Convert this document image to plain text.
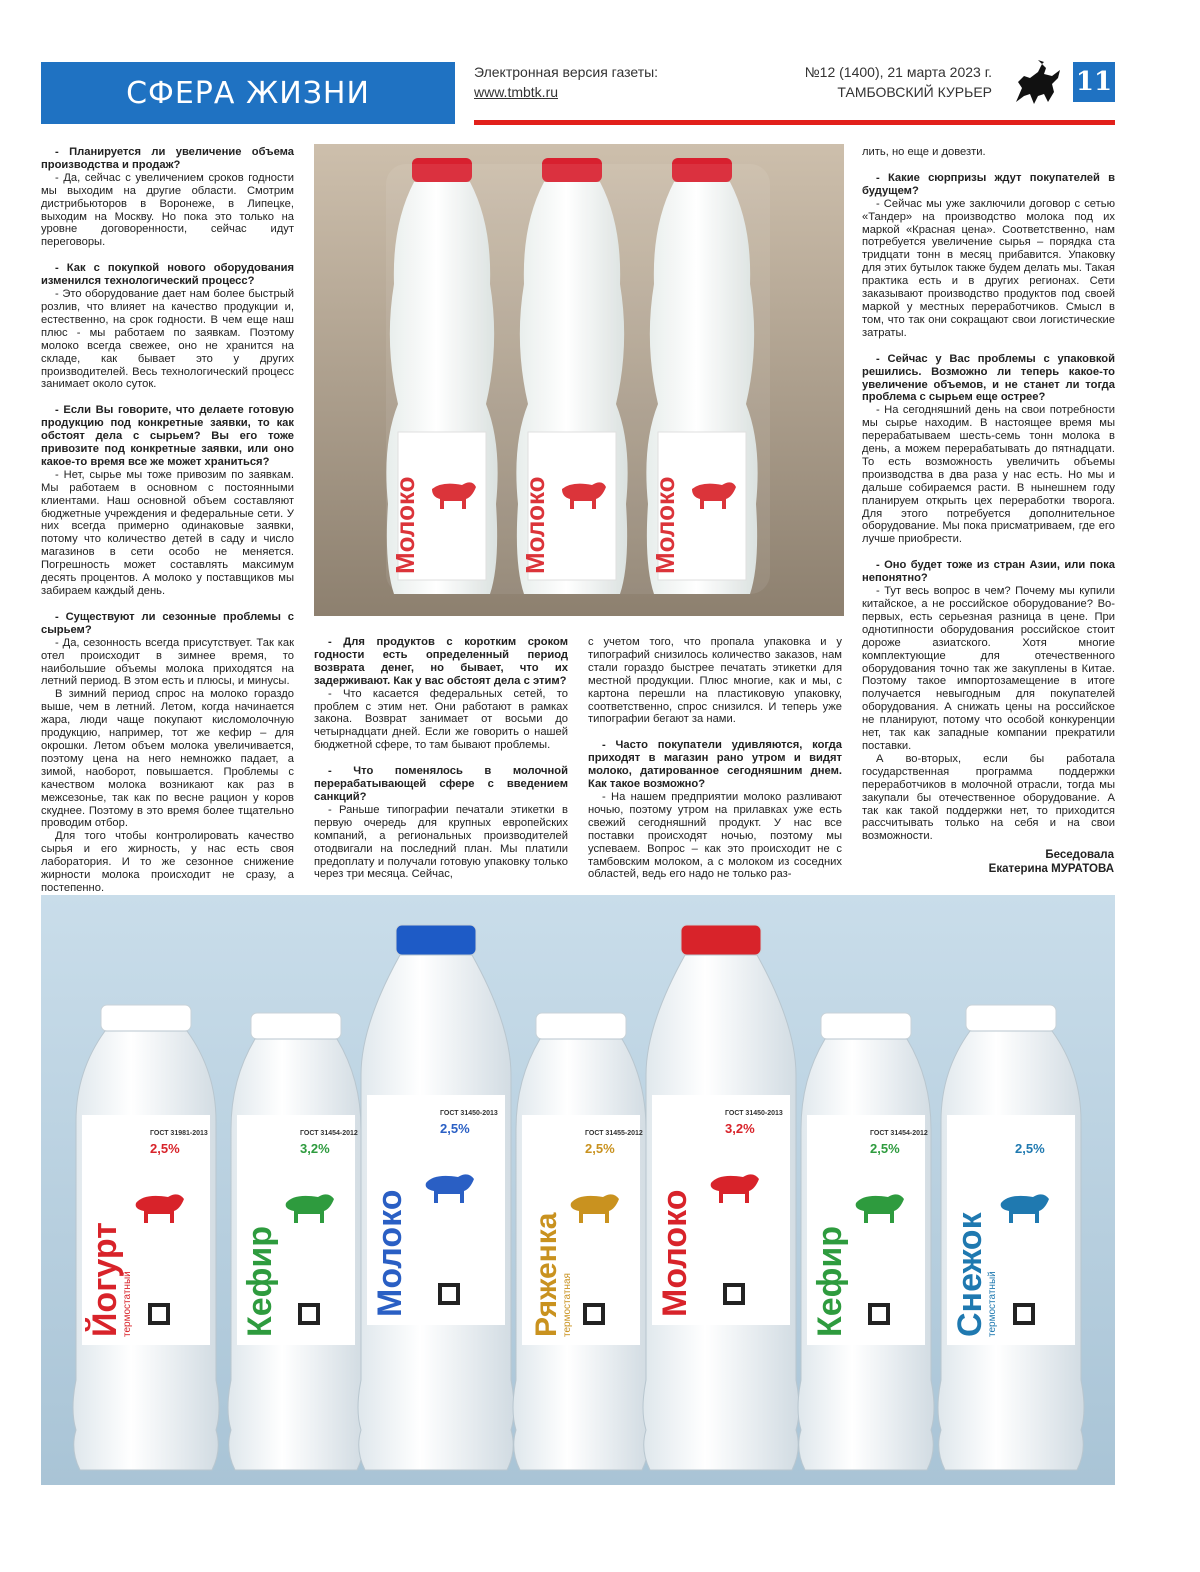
СФЕРА ЖИЗНИ
Электронная версия газеты:
www.tmbtk.ru
№12 (1400), 21 марта 2023 г.
ТАМБОВСКИЙ КУРЬЕР	11

- Планируется ли увеличение объема производства и продаж?

- Да, сейчас с увеличением сроков годности мы выходим на другие области. Смотрим дистрибьюторов в Воронеже, в Липецке, выходим на Москву. Но пока это только на уровне договоренности, сейчас идут переговоры.

- Как с покупкой нового оборудования изменился технологический процесс?

- Это оборудование дает нам более быстрый розлив, что влияет на качество продукции и, естественно, на срок годности. В чем еще наш плюс - мы работаем по заявкам. Поэтому молоко всегда свежее, оно не хранится на складе, как бывает это у других производителей. Весь технологический процесс занимает около суток.

- Если Вы говорите, что делаете готовую продукцию под конкретные заявки, то как обстоят дела с сырьем? Вы его тоже привозите под конкретные заявки, или оно какое-то время все же может храниться?

- Нет, сырье мы тоже привозим по заявкам. Мы работаем в основном с постоянными клиентами. Наш основной объем составляют бюджетные учреждения и федеральные сети. У них всегда примерно одинаковые заявки, потому что количество детей в саду и число магазинов в сети особо не меняется. Погрешность может составлять максимум десять процентов. А молоко у поставщиков мы забираем каждый день.

- Существуют ли сезонные проблемы с сырьем?

- Да, сезонность всегда присутствует. Так как отел происходит в зимнее время, то наибольшие объемы молока приходятся на летний период. В этом есть и плюсы, и минусы.

В зимний период спрос на молоко гораздо выше, чем в летний. Летом, когда начинается жара, люди чаще покупают кисломолочную продукцию, например, тот же кефир – для окрошки. Летом объем молока увеличивается, поэтому цена на него немножко падает, а зимой, наоборот, повышается. Проблемы с качеством молока возникают как раз в межсезонье, так как по весне рацион у коров скуднее. Поэтому в это время более тщательно проводим отбор.

Для того чтобы контролировать качество сырья и его жирность, у нас есть своя лаборатория. И то же сезонное снижение жирности молока происходит не сразу, а постепенно.

Молоко	Молоко	Молоко

лить, но еще и довезти.

- Какие сюрпризы ждут покупателей в будущем?

- Сейчас мы уже заключили договор с сетью «Тандер» на производство молока под их маркой «Красная цена». Соответственно, нам потребуется увеличение сырья – порядка ста тридцати тонн в месяц прибавится. Упаковку для этих бутылок также будем делать мы. Такая практика есть и в других регионах. Сети заказывают производство продуктов под своей маркой у местных переработчиков. Смысл в том, что так они сокращают свои логистические затраты.

- Сейчас у Вас проблемы с упаковкой решились. Возможно ли теперь какое-то увеличение объемов, и не станет ли тогда проблема с сырьем еще острее?

- На сегодняшний день на свои потребности мы сырье находим. В настоящее время мы перерабатываем шесть-семь тонн молока в день, а можем перерабатывать до пятнадцати. То есть возможность увеличить объемы производства в два раза у нас есть. Но мы и дальше собираемся расти. В нынешнем году планируем открыть цех переработки творога. Для этого потребуется дополнительное оборудование. Мы пока присматриваем, где его лучше приобрести.

- Оно будет тоже из стран Азии, или пока непонятно?

- Тут весь вопрос в чем? Почему мы купили китайское, а не российское оборудование? Во-первых, есть серьезная разница в цене. При однотипности оборудования российское стоит дороже азиатского. Хотя многие комплектующие для отечественного оборудования точно так же закуплены в Китае. Поэтому такое импортозамещение в итоге получается невыгодным для покупателей оборудования. А снижать цены на российское не планируют, потому что особой конкуренции нет, так как западные компании прекратили поставки.

А во-вторых, если бы работала государственная программа поддержки переработчиков в молочной отрасли, тогда мы закупали бы отечественное оборудование. А так как такой поддержки нет, то приходится рассчитывать только на себя и на свои возможности.

- Для продуктов с коротким сроком годности есть определенный период возврата денег, но бывает, что их задерживают. Как у вас обстоят дела с этим?

- Что касается федеральных сетей, то проблем с этим нет. Они работают в рамках закона. Возврат занимает от восьми до четырнадцати дней. Если же говорить о нашей бюджетной сфере, то там бывают проблемы.

- Что поменялось в молочной перерабатывающей сфере с введением санкций?

- Раньше типографии печатали этикетки в первую очередь для крупных европейских компаний, а региональных производителей отодвигали на последний план. Мы платили предоплату и получали готовую упаковку только через три месяца. Сейчас,

с учетом того, что пропала упаковка и у типографий снизилось количество заказов, нам стали гораздо быстрее печатать этикетки для местной продукции. Плюс многие, как и мы, с картона перешли на пластиковую упаковку, соответственно, спрос снизился. И теперь уже типографии бегают за нами.

- Часто покупатели удивляются, когда приходят в магазин рано утром и видят молоко, датированное сегодняшним днем. Как такое возможно?

- На нашем предприятии молоко разливают ночью, поэтому утром на прилавках уже есть свежий сегодняшний продукт. У нас все поставки происходят ночью, поэтому мы успеваем. Вопрос – как это происходит не с тамбовским молоком, а с молоком из соседних областей, ведь его надо не только раз-

Беседовала
Екатерина МУРАТОВА
Йогурт
термостатный
ГОСТ 31981-2013
2,5%
Кефир
ГОСТ 31454-2012
3,2%
Молоко
ГОСТ 31450-2013
2,5%
Ряженка термостатная
ГОСТ 31455-2012
2,5%
Молоко
ГОСТ 31450-2013
3,2%
Кефир
ГОСТ 31454-2012
2,5%
Снежок
термостатный
2,5%
